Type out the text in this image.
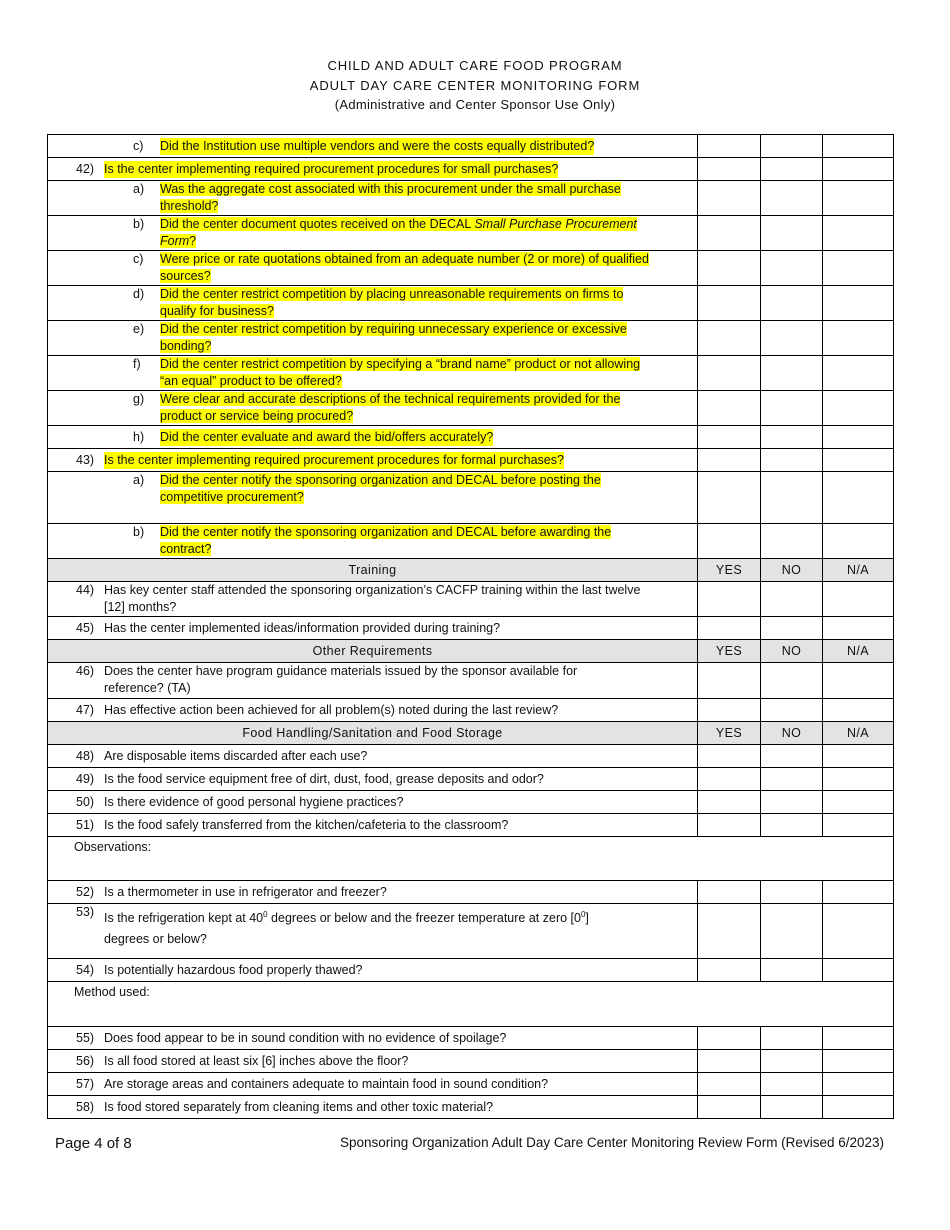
CHILD AND ADULT CARE FOOD PROGRAM
ADULT DAY CARE CENTER MONITORING FORM
(Administrative and Center Sponsor Use Only)
c) Did the Institution use multiple vendors and were the costs equally distributed?			

42) Is the center implementing required procurement procedures for small purchases?			

a) Was the aggregate cost associated with this procurement under the small purchase
threshold?			

b) Did the center document quotes received on the DECAL Small Purchase Procurement
Form?			

c) Were price or rate quotations obtained from an adequate number (2 or more) of qualified
sources?			

d) Did the center restrict competition by placing unreasonable requirements on firms to
qualify for business?			

e) Did the center restrict competition by requiring unnecessary experience or excessive
bonding?			

f) Did the center restrict competition by specifying a “brand name” product or not allowing
“an equal” product to be offered?			

g) Were clear and accurate descriptions of the technical requirements provided for the
product or service being procured?			

h) Did the center evaluate and award the bid/offers accurately?			

43) Is the center implementing required procurement procedures for formal purchases?			

a) Did the center notify the sponsoring organization and DECAL before posting the
competitive procurement?			

b) Did the center notify the sponsoring organization and DECAL before awarding the
contract?			

Training	YES	NO	N/A

44) Has key center staff attended the sponsoring organization’s CACFP training within the last twelve
[12] months?			

45) Has the center implemented ideas/information provided during training?			

Other Requirements	YES	NO	N/A

46) Does the center have program guidance materials issued by the sponsor available for
reference? (TA)			

47) Has effective action been achieved for all problem(s) noted during the last review?			

Food Handling/Sanitation and Food Storage	YES	NO	N/A

48) Are disposable items discarded after each use?			

49) Is the food service equipment free of dirt, dust, food, grease deposits and odor?			

50) Is there evidence of good personal hygiene practices?			

51) Is the food safely transferred from the kitchen/cafeteria to the classroom?			

Observations:			

52) Is a thermometer in use in refrigerator and freezer?			

53) Is the refrigeration kept at $40^0$ degrees or below and the freezer temperature at zero $[0^0]$
degrees or below?			

54) Is potentially hazardous food properly thawed?			

Method used:			

55) Does food appear to be in sound condition with no evidence of spoilage?			

56) Is all food stored at least six [6] inches above the floor?			

57) Are storage areas and containers adequate to maintain food in sound condition?			

58) Is food stored separately from cleaning items and other toxic material?			

Page 4 of 8	Sponsoring Organization Adult Day Care Center Monitoring Review Form (Revised 6/2023)
